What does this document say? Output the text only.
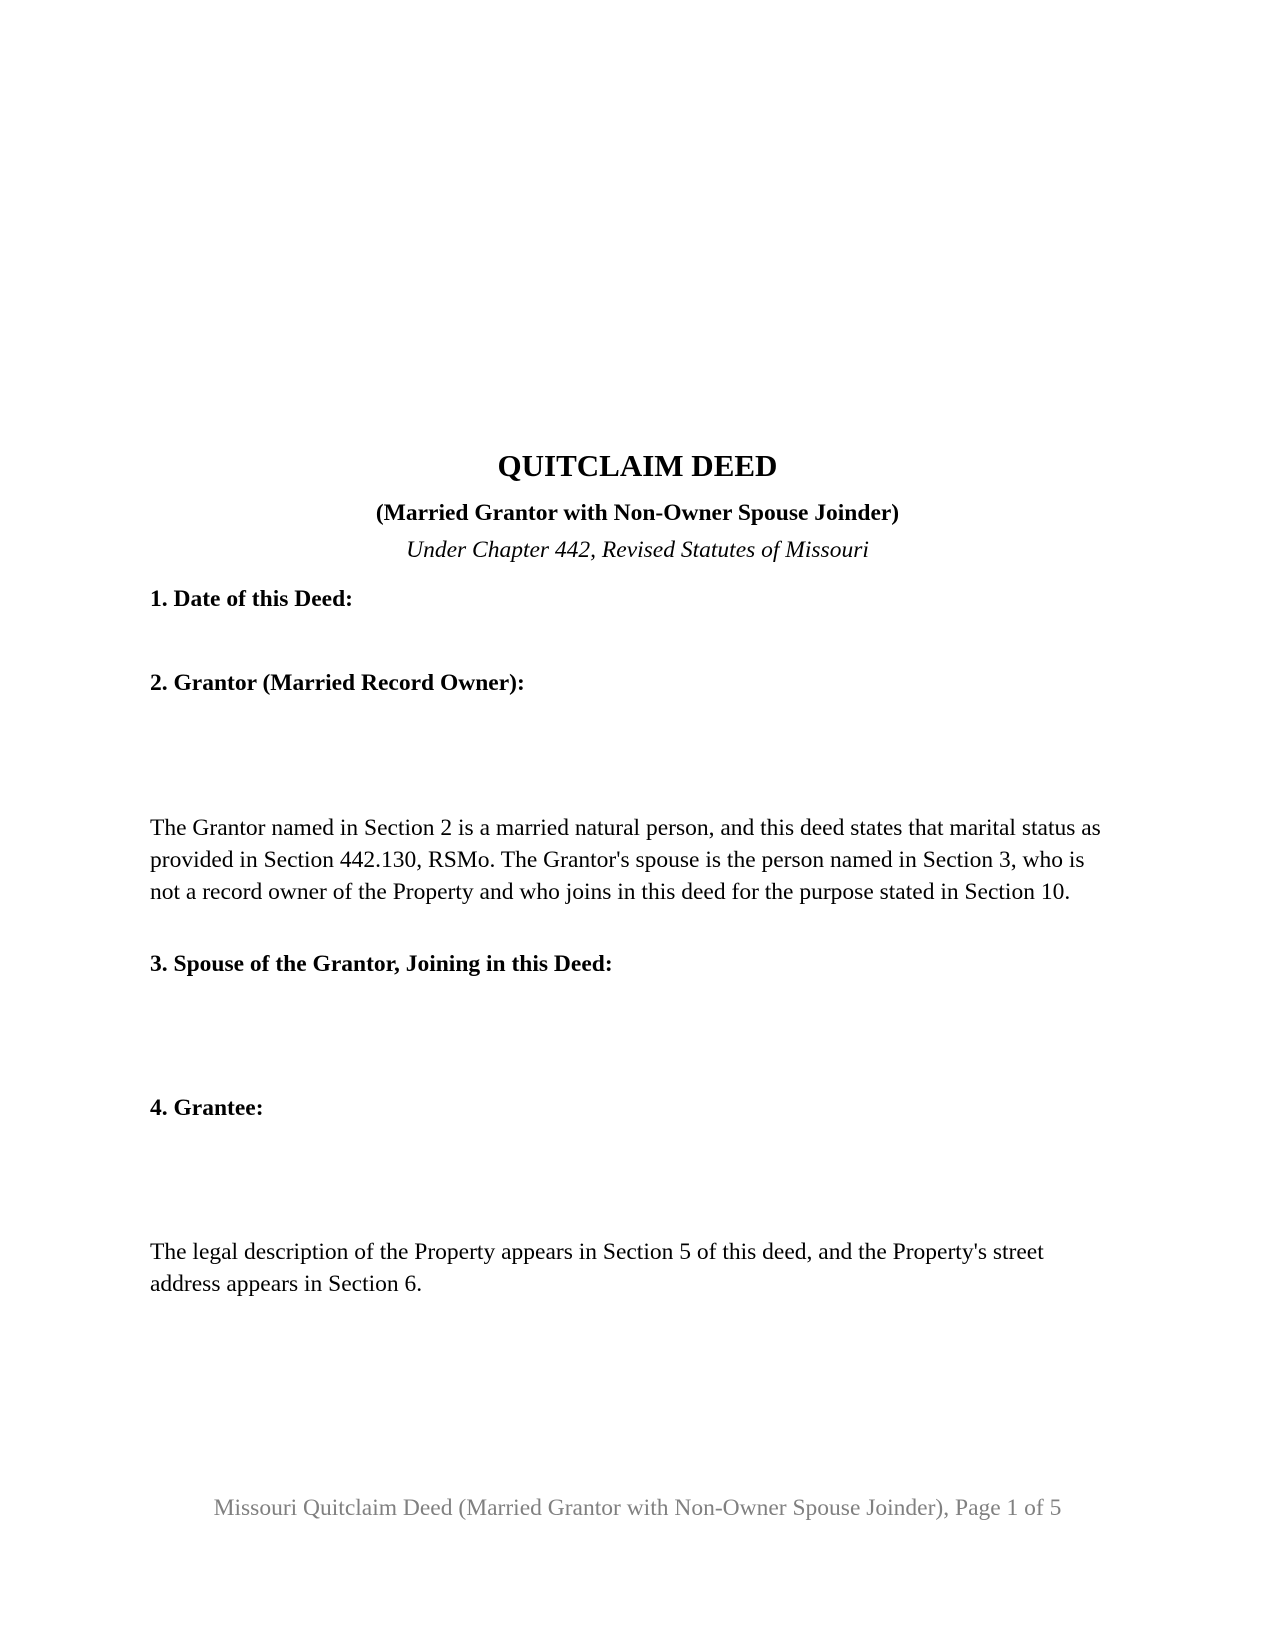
QUITCLAIM DEED

(Married Grantor with Non-Owner Spouse Joinder)

Under Chapter 442, Revised Statutes of Missouri

1. Date of this Deed:

2. Grantor (Married Record Owner):

The Grantor named in Section 2 is a married natural person, and this deed states that marital status as provided in Section 442.130, RSMo. The Grantor's spouse is the person named in Section 3, who is not a record owner of the Property and who joins in this deed for the purpose stated in Section 10.

3. Spouse of the Grantor, Joining in this Deed:

4. Grantee:

The legal description of the Property appears in Section 5 of this deed, and the Property's street address appears in Section 6.

Missouri Quitclaim Deed (Married Grantor with Non-Owner Spouse Joinder), Page 1 of 5
